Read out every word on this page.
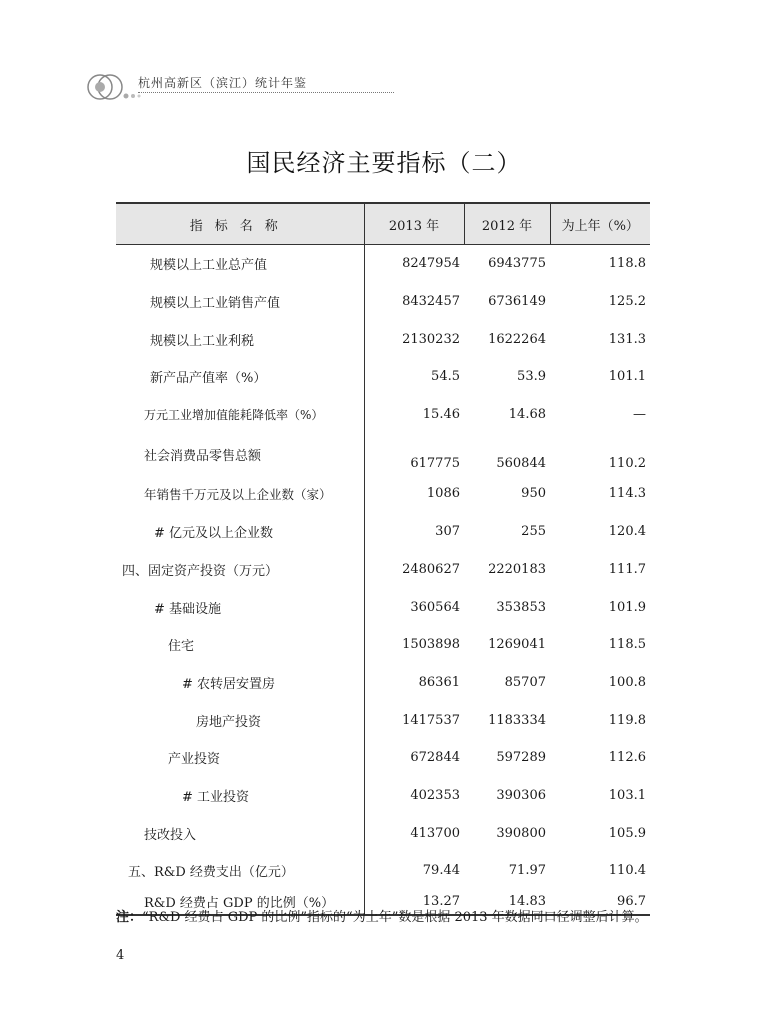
杭州高新区（滨江）统计年鉴
国民经济主要指标（二）
指标名称	2013 年	2012 年	为上年（%）
规模以上工业总产值	8247954	6943775	118.8
规模以上工业销售产值	8432457	6736149	125.2
规模以上工业利税	2130232	1622264	131.3
新产品产值率（%）	54.5	53.9	101.1
万元工业增加值能耗降低率（%）	15.46	14.68	—
社会消费品零售总额	617775	560844	110.2
年销售千万元及以上企业数（家）	1086	950	114.3
# 亿元及以上企业数	307	255	120.4
四、固定资产投资（万元）	2480627	2220183	111.7
# 基础设施	360564	353853	101.9
住宅	1503898	1269041	118.5
# 农转居安置房	86361	85707	100.8
房地产投资	1417537	1183334	119.8
产业投资	672844	597289	112.6
# 工业投资	402353	390306	103.1
技改投入	413700	390800	105.9
五、R&D 经费支出（亿元）	79.44	71.97	110.4
R&D 经费占 GDP 的比例（%）	13.27	14.83	96.7
注：“R&D 经费占 GDP 的比例”指标的“为上年”数是根据 2013 年数据同口径调整后计算。
4
